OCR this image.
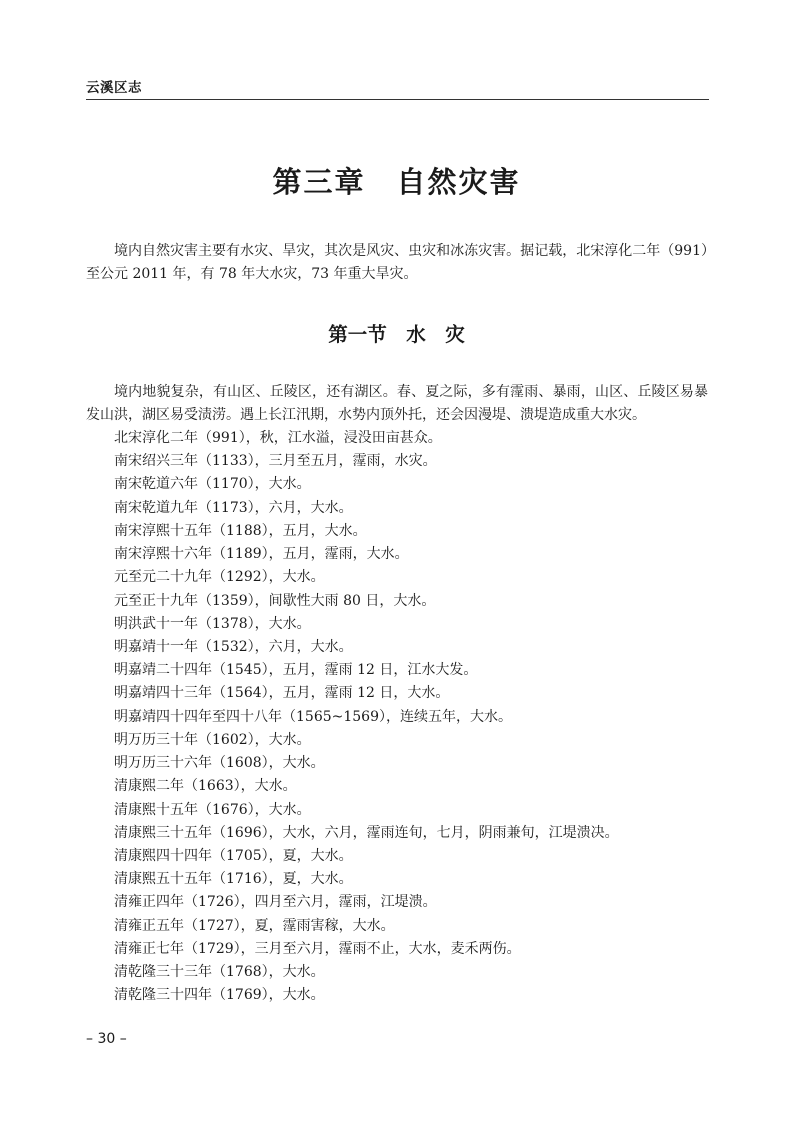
云溪区志
第三章　自然灾害

境内自然灾害主要有水灾、旱灾，其次是风灾、虫灾和冰冻灾害。据记载，北宋淳化二年（991）至公元 2011 年，有 78 年大水灾，73 年重大旱灾。

第一节　水　灾

境内地貌复杂，有山区、丘陵区，还有湖区。春、夏之际，多有霪雨、暴雨，山区、丘陵区易暴发山洪，湖区易受渍涝。遇上长江汛期，水势内顶外托，还会因漫堤、溃堤造成重大水灾。

北宋淳化二年（991），秋，江水溢，浸没田亩甚众。
南宋绍兴三年（1133），三月至五月，霪雨，水灾。
南宋乾道六年（1170），大水。
南宋乾道九年（1173），六月，大水。
南宋淳熙十五年（1188），五月，大水。
南宋淳熙十六年（1189），五月，霪雨，大水。
元至元二十九年（1292），大水。
元至正十九年（1359），间歇性大雨 80 日，大水。
明洪武十一年（1378），大水。
明嘉靖十一年（1532），六月，大水。
明嘉靖二十四年（1545），五月，霪雨 12 日，江水大发。
明嘉靖四十三年（1564），五月，霪雨 12 日，大水。
明嘉靖四十四年至四十八年（1565~1569），连续五年，大水。
明万历三十年（1602），大水。
明万历三十六年（1608），大水。
清康熙二年（1663），大水。
清康熙十五年（1676），大水。
清康熙三十五年（1696），大水，六月，霪雨连旬，七月，阴雨兼旬，江堤溃决。
清康熙四十四年（1705），夏，大水。
清康熙五十五年（1716），夏，大水。
清雍正四年（1726），四月至六月，霪雨，江堤溃。
清雍正五年（1727），夏，霪雨害稼，大水。
清雍正七年（1729），三月至六月，霪雨不止，大水，麦禾两伤。
清乾隆三十三年（1768），大水。
清乾隆三十四年（1769），大水。
– 30 –
